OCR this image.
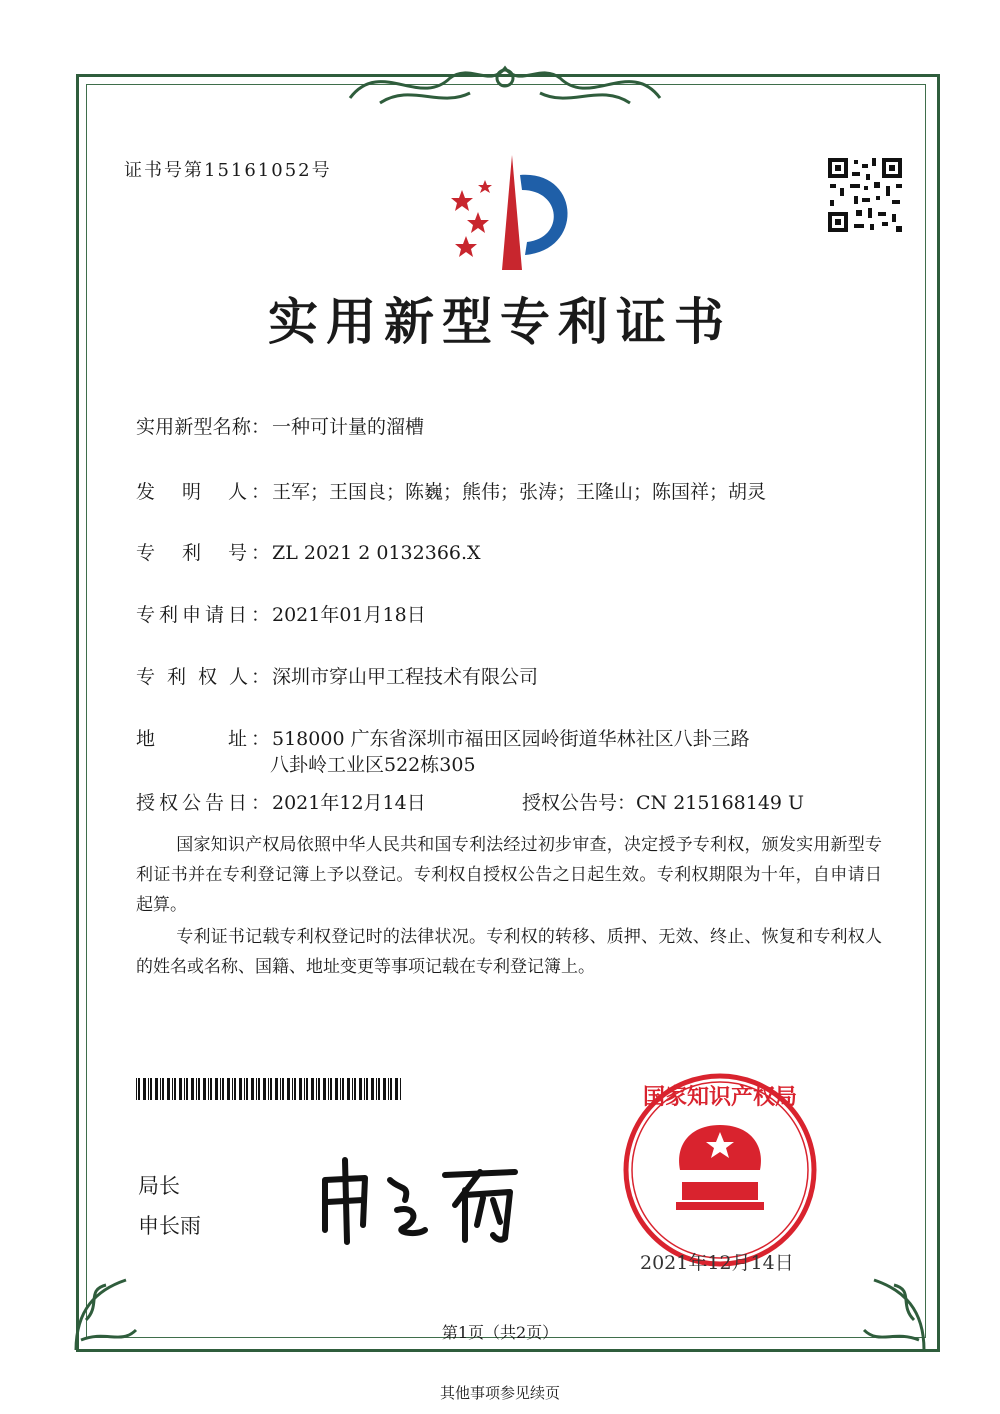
证书号第15161052号
实用新型专利证书
实用新型名称： 一种可计量的溜槽
发　明　人： 王军；王国良；陈巍；熊伟；张涛；王隆山；陈国祥；胡灵
专　利　号： ZL 2021 2 0132366.X
专利申请日： 2021年01月18日
专 利 权 人： 深圳市穿山甲工程技术有限公司
地　　　址： 518000 广东省深圳市福田区园岭街道华林社区八卦三路
八卦岭工业区522栋305
授权公告日： 2021年12月14日	授权公告号：CN 215168149 U
国家知识产权局依照中华人民共和国专利法经过初步审查，决定授予专利权，颁发实用新型专利证书并在专利登记簿上予以登记。专利权自授权公告之日起生效。专利权期限为十年，自申请日起算。
专利证书记载专利权登记时的法律状况。专利权的转移、质押、无效、终止、恢复和专利权人的姓名或名称、国籍、地址变更等事项记载在专利登记簿上。
局长
申长雨
国家知识产权局
2021年12月14日
第1页（共2页）
其他事项参见续页
